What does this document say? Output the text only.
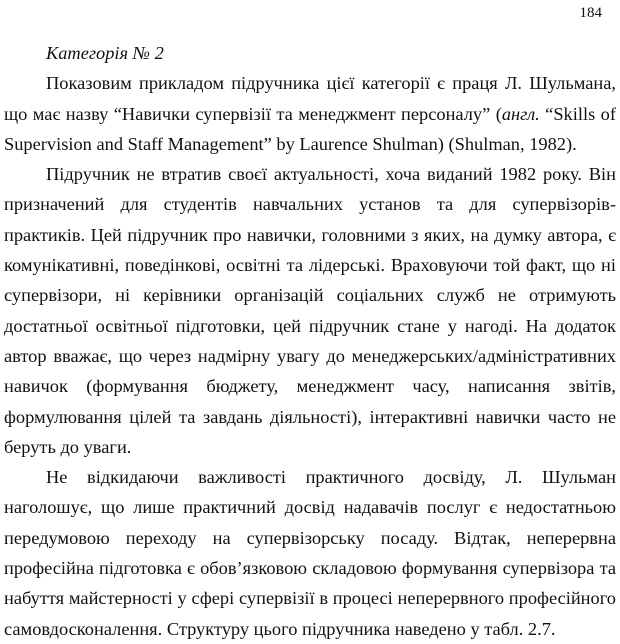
184

Категорія № 2

Показовим прикладом підручника цієї категорії є праця Л. Шульмана, що має назву “Навички супервізії та менеджмент персоналу” (англ. “Skills of Supervision and Staff Management” by Laurence Shulman) (Shulman, 1982).

Підручник не втратив своєї актуальності, хоча виданий 1982 року. Він призначений для студентів навчальних установ та для супервізорів-практиків. Цей підручник про навички, головними з яких, на думку автора, є комунікативні, поведінкові, освітні та лідерські. Враховуючи той факт, що ні супервізори, ні керівники організацій соціальних служб не отримують достатньої освітньої підготовки, цей підручник стане у нагоді. На додаток автор вважає, що через надмірну увагу до менеджерських/адміністративних навичок (формування бюджету, менеджмент часу, написання звітів, формулювання цілей та завдань діяльності), інтерактивні навички часто не беруть до уваги.

Не відкидаючи важливості практичного досвіду, Л. Шульман наголошує, що лише практичний досвід надавачів послуг є недостатньою передумовою переходу на супервізорську посаду. Відтак, неперервна професійна підготовка є обов’язковою складовою формування супервізора та набуття майстерності у сфері супервізії в процесі неперервного професійного самовдосконалення. Структуру цього підручника наведено у табл. 2.7.
